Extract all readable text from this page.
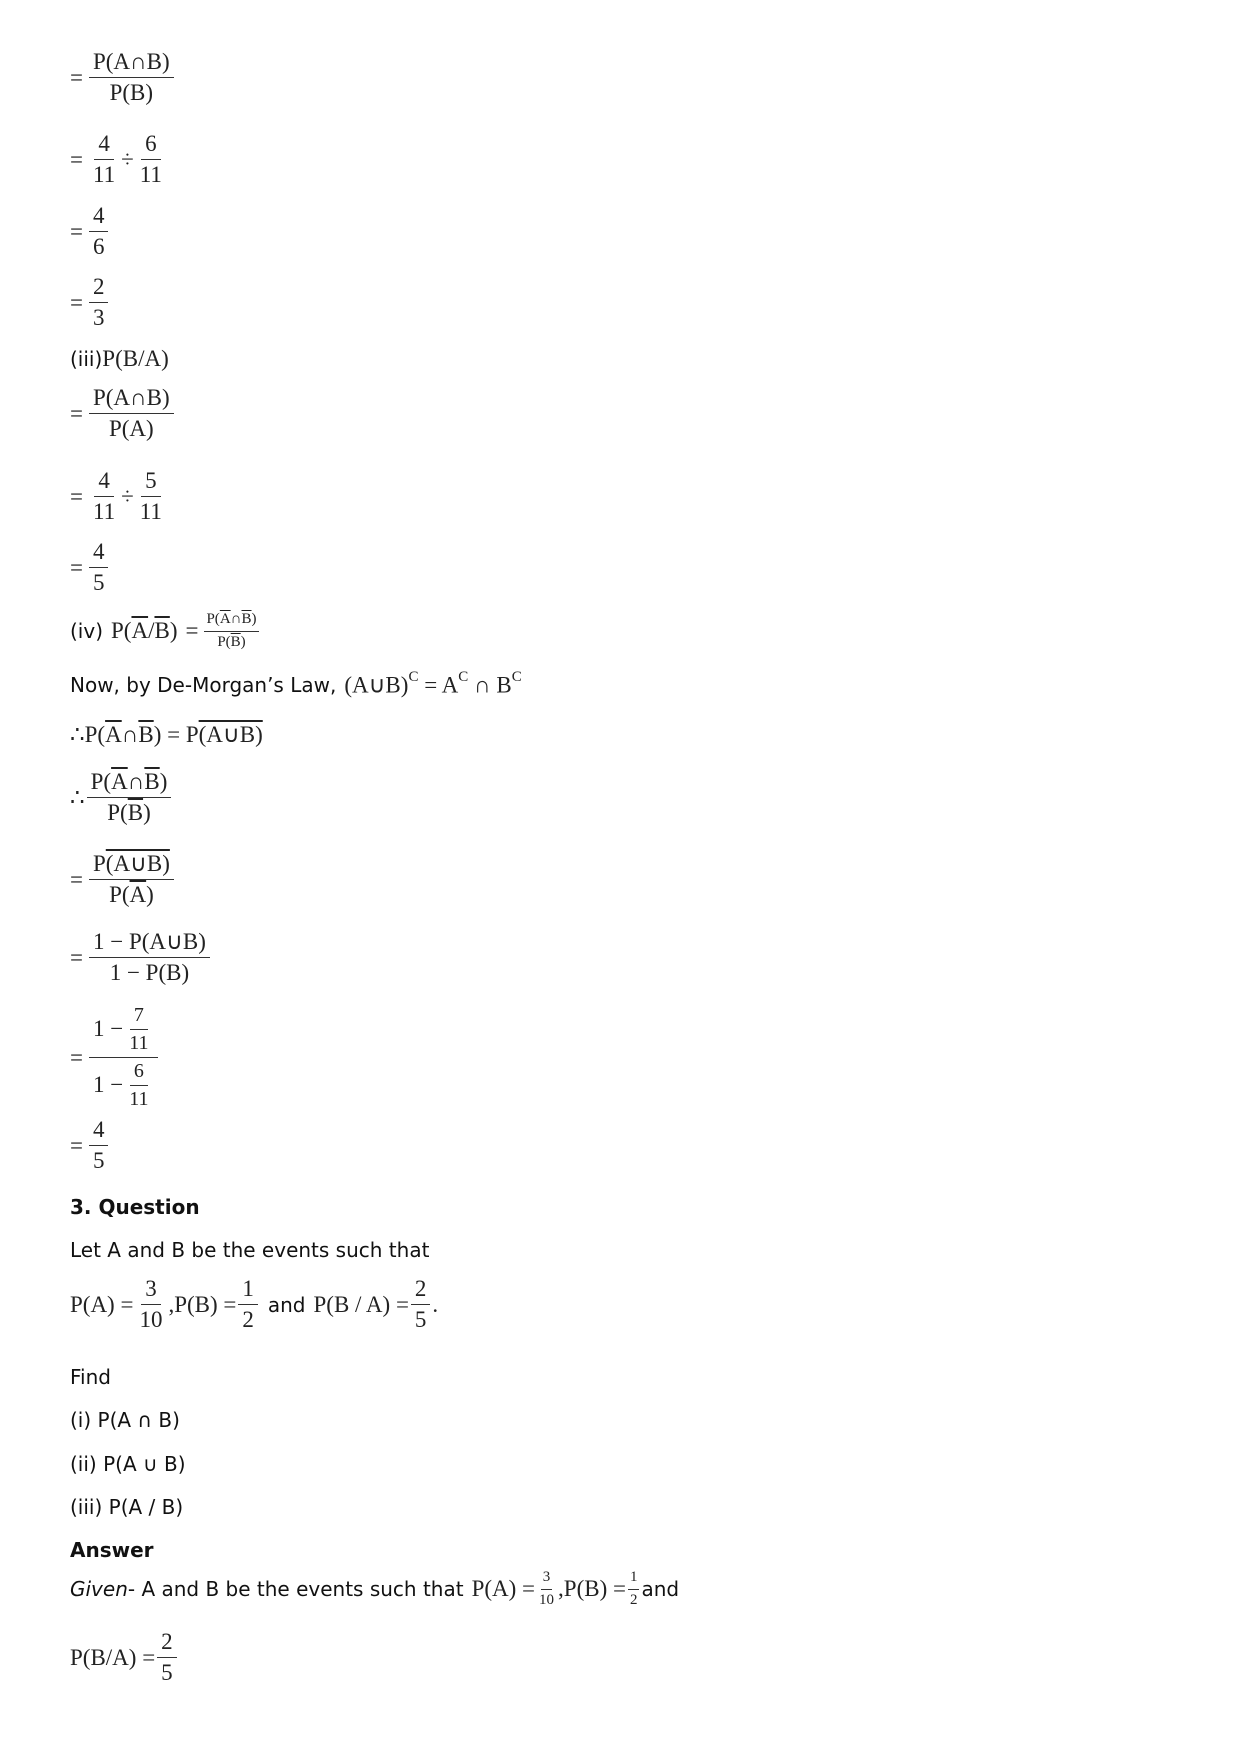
= $\frac{P(A\cap B)}{P(B)}$
= $\frac{4}{11} \div \frac{6}{11}$
= $\frac{4}{6}$
= $\frac{2}{3}$
(iii) P(B/A)
= $\frac{P(A\cap B)}{P(A)}$
= $\frac{4}{11} \div \frac{5}{11}$
= $\frac{4}{5}$
(iv) $P(\overline{A}/\overline{B}) = \frac{P(\overline{A}\cap\overline{B})}{P(\overline{B})}$
Now, by De-Morgan’s Law, (A∪B)$^C$ = $A^C$ ∩ $B^C$
∴ $P(\overline{A}\cap\overline{B})$ = P(A∪B)
∴ $\frac{P(\overline{A}\cap\overline{B})}{P(\overline{B})}$
= $\frac{P(A\cup B)}{P(\overline{A})}$
= $\frac{1 - P(A\cup B)}{1 - P(B)}$
= $\frac{1 - \frac{7}{11}}{1 - \frac{6}{11}}$
= $\frac{4}{5}$
3. Question
Let A and B be the events such that
$P(A) = \frac{3}{10}$ , $P(B) = \frac{1}{2}$ and $P(B / A) = \frac{2}{5}$ .
Find
(i) P(A ∩ B)
(ii) P(A ∪ B)
(iii) P(A / B)
Answer
Given - A and B be the events such that $P(A) = \frac{3}{10}$ , $P(B) = \frac{1}{2}$ and
$P(B/A) = \frac{2}{5}$
